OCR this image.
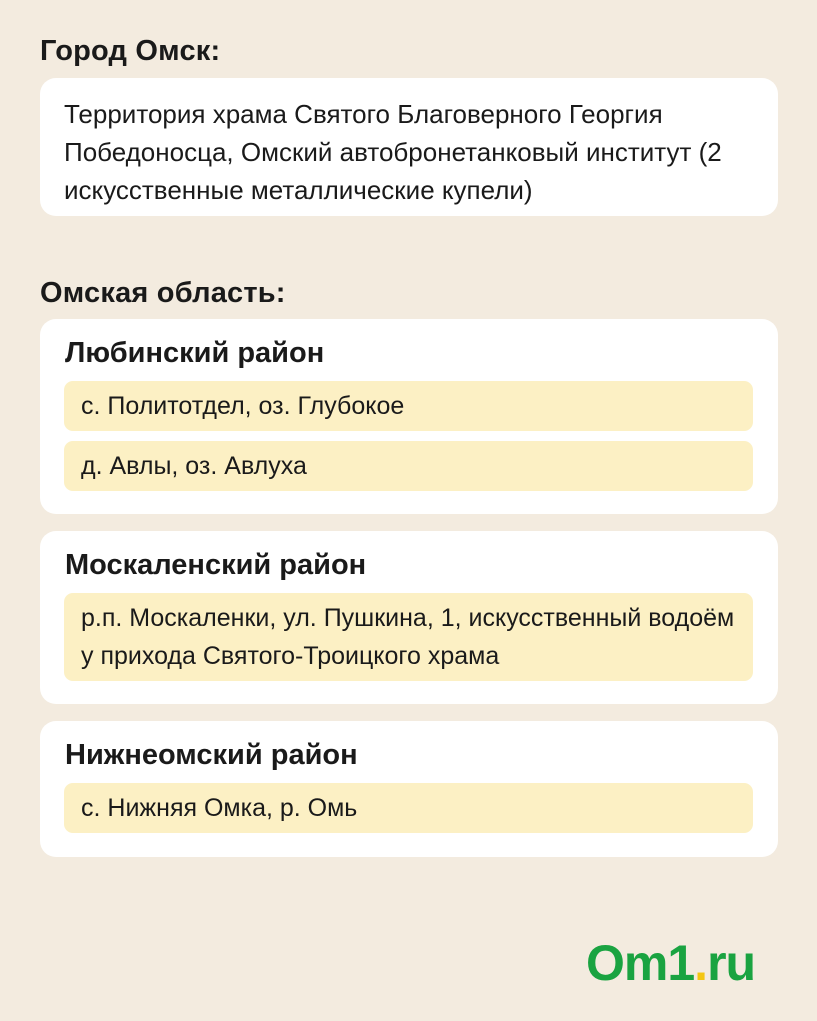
Город Омск:
Территория храма Святого Благоверного Георгия Победоносца, Омский автобронетанковый институт (2 искусственные металлические купели)
Омская область:
Любинский район
с. Политотдел, оз. Глубокое
д. Авлы, оз. Авлуха
Москаленский район
р.п. Москаленки, ул. Пушкина, 1, искусственный водоём у прихода Святого-Троицкого храма
Нижнеомский район
с. Нижняя Омка, р. Омь
Om1.ru
